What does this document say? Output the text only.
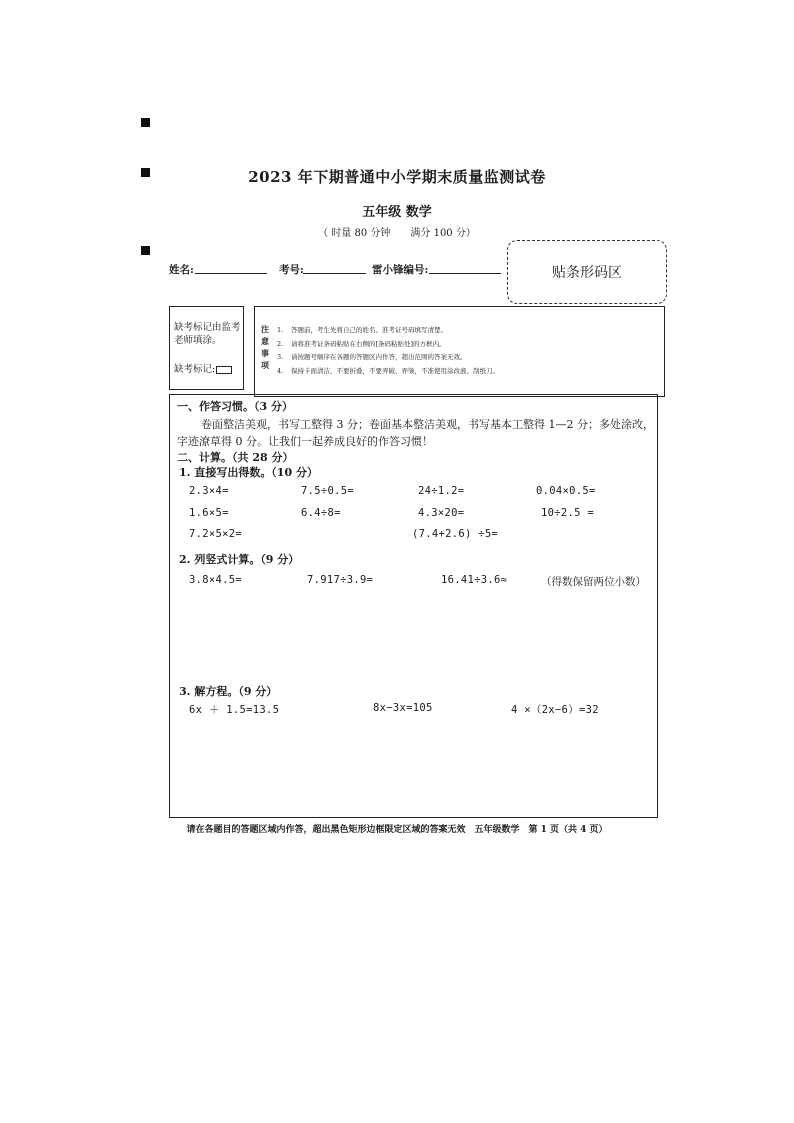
2023 年下期普通中小学期末质量监测试卷
五年级 数学
（ 时量 80 分钟　　满分 100 分）
姓名:	考号:	雷小锋编号:	贴条形码区
缺考标记由监考
老师填涂。
缺考标记:
注
意
事
项
1. 答题前，考生先将自己的姓名、准考证号码填写清楚。
2. 请将准考证条码粘贴在右侧的[条码粘贴处]的方框内。
3. 请按题号顺序在各题的答题区内作答，超出范围的答案无效。
4. 保持卡面清洁，不要折叠，不要弄破、弄皱，不准使用涂改液、刮纸刀。
一、作答习惯。（3 分）
卷面整洁美观，书写工整得 3 分；卷面基本整洁美观，书写基本工整得 1—2 分；多处涂改，
字迹潦草得 0 分。让我们一起养成良好的作答习惯！
二、计算。（共 28 分）
1. 直接写出得数。（10 分）
2.3×4=	7.5÷0.5=	24÷1.2=	0.04×0.5=
1.6×5=	6.4÷8=	4.3×20=	10÷2.5 =
7.2×5×2=	(7.4+2.6) ÷5=
2. 列竖式计算。（9 分）
3.8×4.5=	7.917÷3.9=	16.41÷3.6≈	（得数保留两位小数）
3. 解方程。（9 分）
6x ＋ 1.5=13.5	8x−3x=105	4 ×（2x−6）=32
请在各题目的答题区域内作答，超出黑色矩形边框限定区域的答案无效　五年级数学　第 1 页（共 4 页）
